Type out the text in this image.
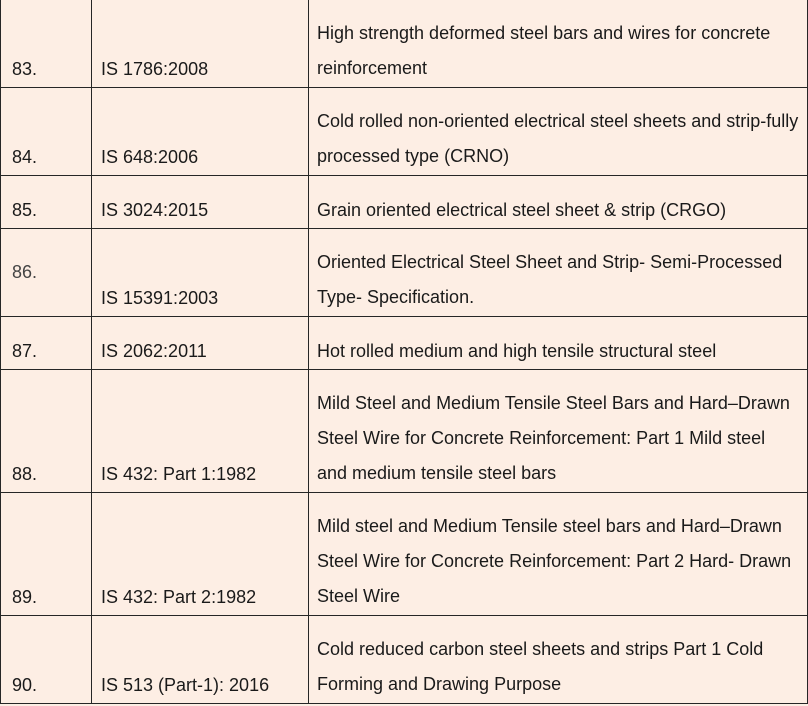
83.	IS 1786:2008	High strength deformed steel bars and wires for concrete reinforcement

84.	IS 648:2006	Cold rolled non-oriented electrical steel sheets and strip-fully processed type (CRNO)

85.	IS 3024:2015	Grain oriented electrical steel sheet & strip (CRGO)
86.	IS 15391:2003	Oriented Electrical Steel Sheet and Strip- Semi-Processed Type- Specification.

87.	IS 2062:2011	Hot rolled medium and high tensile structural steel
88.	IS 432: Part 1:1982	Mild Steel and Medium Tensile Steel Bars and Hard–Drawn Steel Wire for Concrete Reinforcement: Part 1 Mild steel and medium tensile steel bars

89.	IS 432: Part 2:1982	Mild steel and Medium Tensile steel bars and Hard–Drawn Steel Wire for Concrete Reinforcement: Part 2 Hard- Drawn Steel Wire

90.	IS 513 (Part-1): 2016	Cold reduced carbon steel sheets and strips Part 1 Cold Forming and Drawing Purpose
